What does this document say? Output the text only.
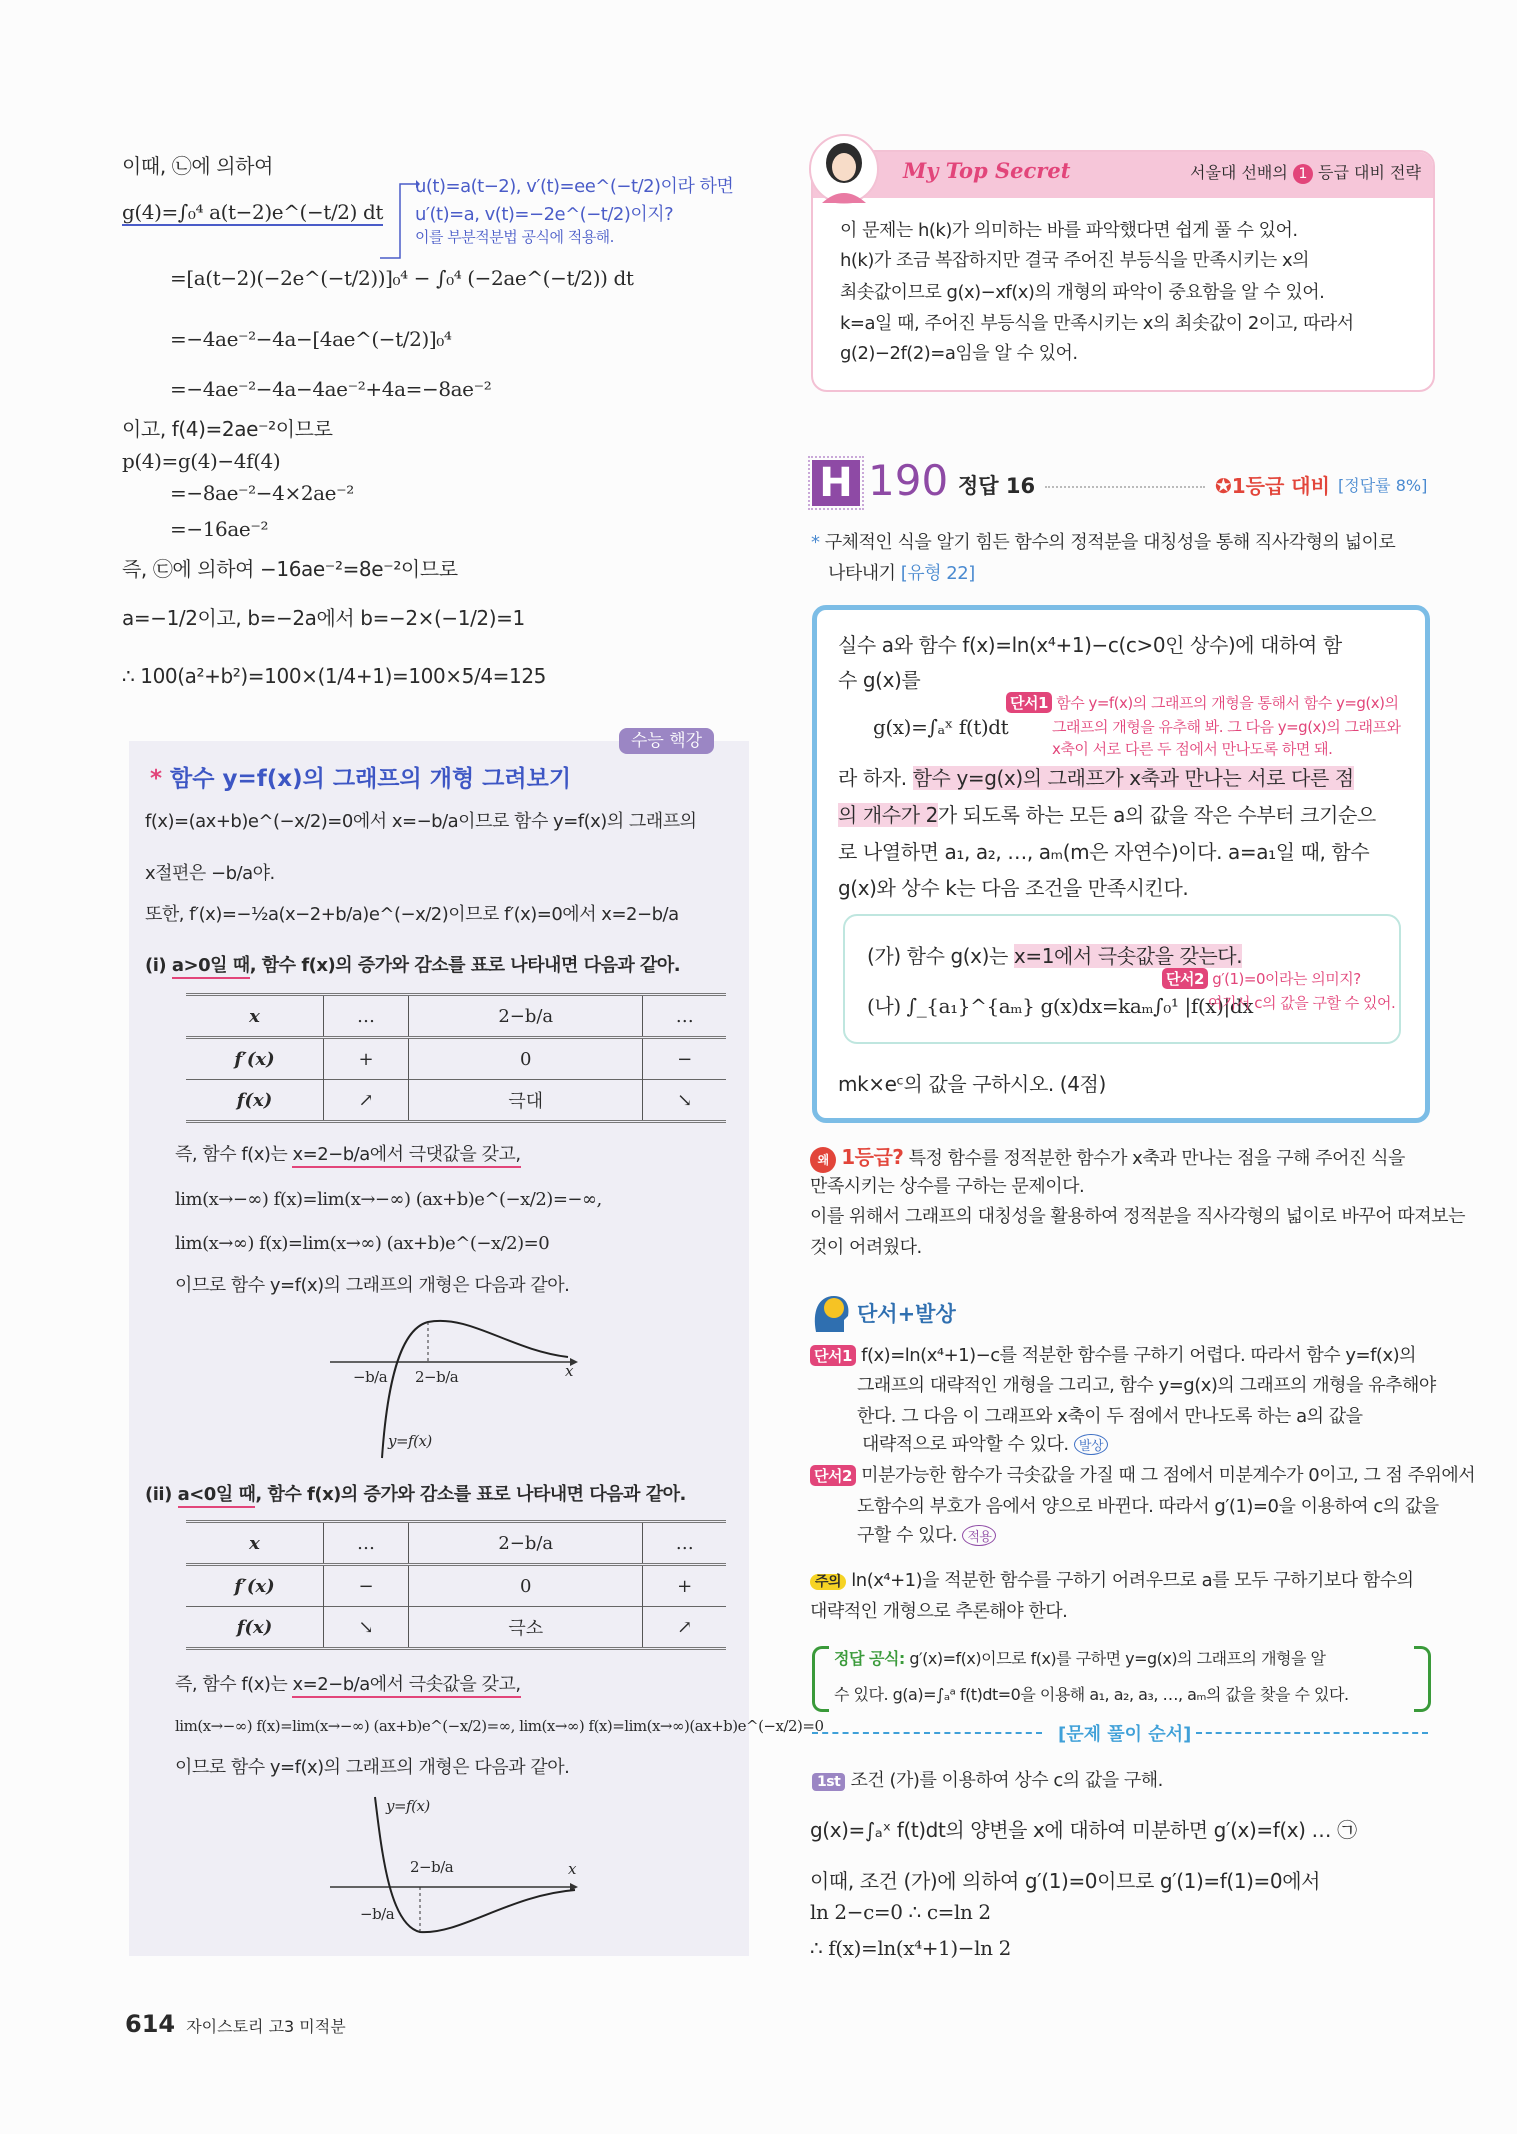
이때, ㉡에 의하여
g(4)=∫₀⁴ a(t−2)e^(−t/2) dt
=[a(t−2)(−2e^(−t/2))]₀⁴ − ∫₀⁴ (−2ae^(−t/2)) dt
=−4ae⁻²−4a−[4ae^(−t/2)]₀⁴
=−4ae⁻²−4a−4ae⁻²+4a=−8ae⁻²
이고, f(4)=2ae⁻²이므로
p(4)=g(4)−4f(4)
=−8ae⁻²−4×2ae⁻²
=−16ae⁻²
즉, ㉢에 의하여 −16ae⁻²=8e⁻²이므로
a=−1/2이고, b=−2a에서 b=−2×(−1/2)=1
∴ 100(a²+b²)=100×(1/4+1)=100×5/4=125
u(t)=a(t−2), v′(t)=ee^(−t/2)이라 하면
u′(t)=a, v(t)=−2e^(−t/2)이지?
이를 부분적분법 공식에 적용해.
수능 핵강
* 함수 y=f(x)의 그래프의 개형 그려보기
f(x)=(ax+b)e^(−x/2)=0에서 x=−b/a이므로 함수 y=f(x)의 그래프의
x절편은 −b/a야.
또한, f′(x)=−½a(x−2+b/a)e^(−x/2)이므로 f′(x)=0에서 x=2−b/a
(i) a>0일 때, 함수 f(x)의 증가와 감소를 표로 나타내면 다음과 같아.
x	…	2−b/a	…
f′(x)	+	0	−
f(x)	↗	극대	↘
즉, 함수 f(x)는 x=2−b/a에서 극댓값을 갖고,
lim(x→−∞) f(x)=lim(x→−∞) (ax+b)e^(−x/2)=−∞,
lim(x→∞) f(x)=lim(x→∞) (ax+b)e^(−x/2)=0
이므로 함수 y=f(x)의 그래프의 개형은 다음과 같아.
−b/a 2−b/a	x
y=f(x)
(ii) a<0일 때, 함수 f(x)의 증가와 감소를 표로 나타내면 다음과 같아.
x	…	2−b/a	…
f′(x)	−	0	+
f(x)	↘	극소	↗
즉, 함수 f(x)는 x=2−b/a에서 극솟값을 갖고,
lim(x→−∞) f(x)=lim(x→−∞) (ax+b)e^(−x/2)=∞, lim(x→∞) f(x)=lim(x→∞)(ax+b)e^(−x/2)=0
이므로 함수 y=f(x)의 그래프의 개형은 다음과 같아.
−b/a
2−b/a	x
y=f(x)
614 자이스토리 고3 미적분
My Top Secret	서울대 선배의 1 등급 대비 전략
이 문제는 h(k)가 의미하는 바를 파악했다면 쉽게 풀 수 있어.
h(k)가 조금 복잡하지만 결국 주어진 부등식을 만족시키는 x의
최솟값이므로 g(x)−xf(x)의 개형의 파악이 중요함을 알 수 있어.
k=a일 때, 주어진 부등식을 만족시키는 x의 최솟값이 2이고, 따라서
g(2)−2f(2)=a임을 알 수 있어.
H 190 정답 16	✪1등급 대비 [정답률 8%]
* 구체적인 식을 알기 힘든 함수의 정적분을 대칭성을 통해 직사각형의 넓이로
나타내기 [유형 22]
실수 a와 함수 f(x)=ln(x⁴+1)−c(c>0인 상수)에 대하여 함
수 g(x)를
g(x)=∫ₐˣ f(t)dt
단서1 함수 y=f(x)의 그래프의 개형을 통해서 함수 y=g(x)의
그래프의 개형을 유추해 봐. 그 다음 y=g(x)의 그래프와
x축이 서로 다른 두 점에서 만나도록 하면 돼.
라 하자. 함수 y=g(x)의 그래프가 x축과 만나는 서로 다른 점
의 개수가 2가 되도록 하는 모든 a의 값을 작은 수부터 크기순으
로 나열하면 a₁, a₂, …, aₘ(m은 자연수)이다. a=a₁일 때, 함수
g(x)와 상수 k는 다음 조건을 만족시킨다.
(가) 함수 g(x)는 x=1에서 극솟값을 갖는다.
(나) ∫_{a₁}^{aₘ} g(x)dx=kaₘ∫₀¹ |f(x)|dx
단서2 g′(1)=0이라는 의미지?
여기서 c의 값을 구할 수 있어.
mk×eᶜ의 값을 구하시오. (4점)
왜 1등급? 특정 함수를 정적분한 함수가 x축과 만나는 점을 구해 주어진 식을
만족시키는 상수를 구하는 문제이다.
이를 위해서 그래프의 대칭성을 활용하여 정적분을 직사각형의 넓이로 바꾸어 따져보는
것이 어려웠다.
단서+발상
단서1 f(x)=ln(x⁴+1)−c를 적분한 함수를 구하기 어렵다. 따라서 함수 y=f(x)의
그래프의 대략적인 개형을 그리고, 함수 y=g(x)의 그래프의 개형을 유추해야
한다. 그 다음 이 그래프와 x축이 두 점에서 만나도록 하는 a의 값을
대략적으로 파악할 수 있다. 발상
단서2 미분가능한 함수가 극솟값을 가질 때 그 점에서 미분계수가 0이고, 그 점 주위에서
도함수의 부호가 음에서 양으로 바뀐다. 따라서 g′(1)=0을 이용하여 c의 값을
구할 수 있다. 적용
주의 ln(x⁴+1)을 적분한 함수를 구하기 어려우므로 a를 모두 구하기보다 함수의
대략적인 개형으로 추론해야 한다.
정답 공식: g′(x)=f(x)이므로 f(x)를 구하면 y=g(x)의 그래프의 개형을 알
수 있다. g(a)=∫ₐᵃ f(t)dt=0을 이용해 a₁, a₂, a₃, …, aₘ의 값을 찾을 수 있다.
[문제 풀이 순서]
1st 조건 (가)를 이용하여 상수 c의 값을 구해.
g(x)=∫ₐˣ f(t)dt의 양변을 x에 대하여 미분하면 g′(x)=f(x) … ㉠
이때, 조건 (가)에 의하여 g′(1)=0이므로 g′(1)=f(1)=0에서
ln 2−c=0 ∴ c=ln 2
∴ f(x)=ln(x⁴+1)−ln 2
